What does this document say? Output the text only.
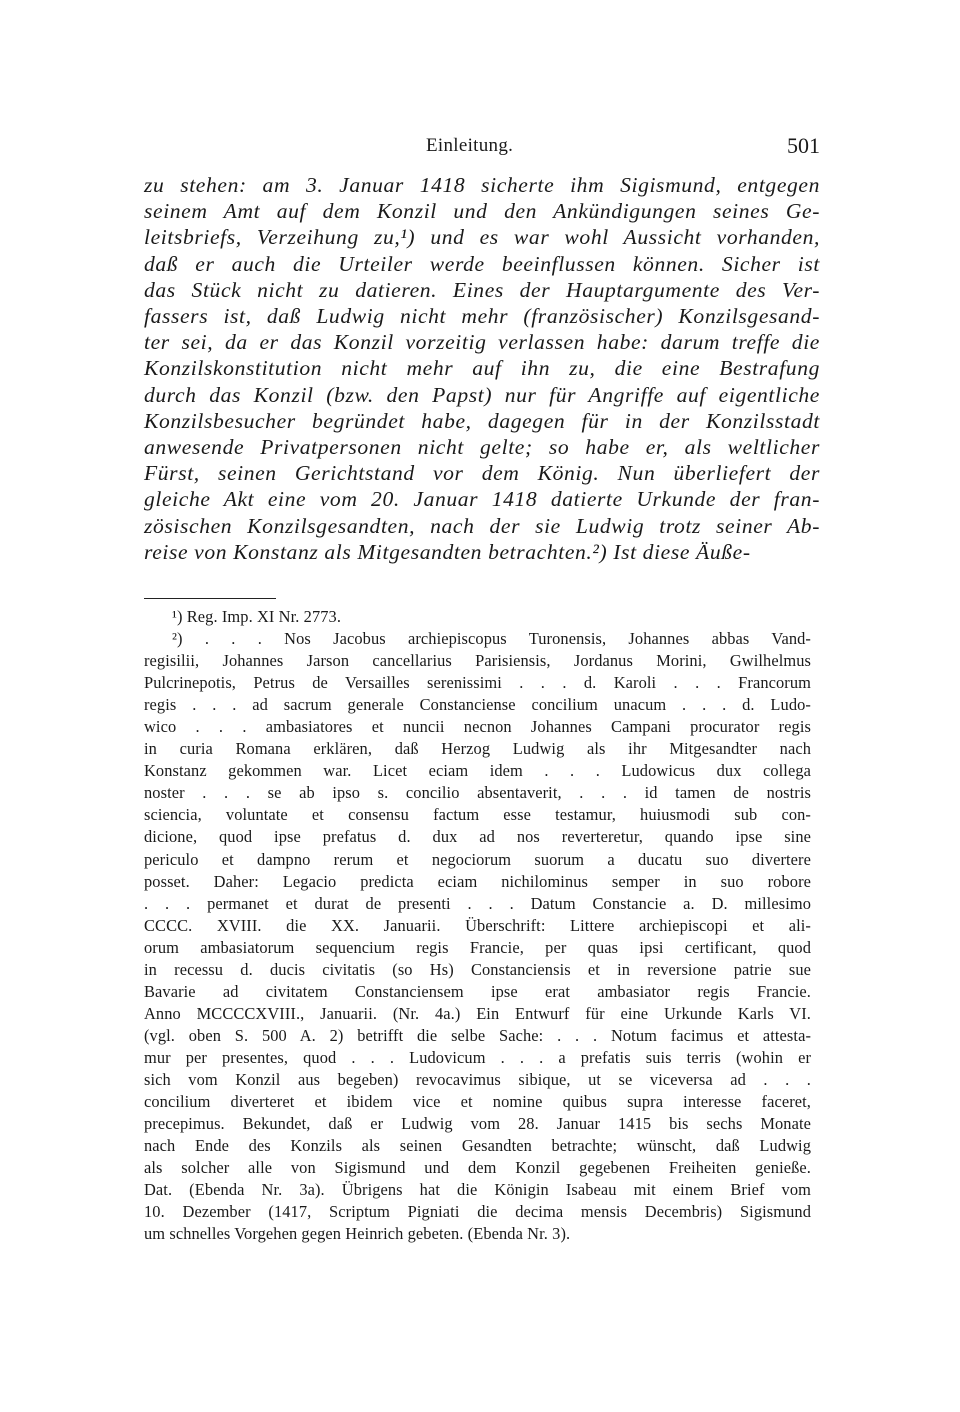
Einleitung.	501
zu stehen: am 3. Januar 1418 sicherte ihm Sigismund, entgegen
seinem Amt auf dem Konzil und den Ankündigungen seines Ge-
leitsbriefs, Verzeihung zu,¹) und es war wohl Aussicht vorhanden,
daß er auch die Urteiler werde beeinflussen können. Sicher ist
das Stück nicht zu datieren. Eines der Hauptargumente des Ver-
fassers ist, daß Ludwig nicht mehr (französischer) Konzilsgesand-
ter sei, da er das Konzil vorzeitig verlassen habe: darum treffe die
Konzilskonstitution nicht mehr auf ihn zu, die eine Bestrafung
durch das Konzil (bzw. den Papst) nur für Angriffe auf eigentliche
Konzilsbesucher begründet habe, dagegen für in der Konzilsstadt
anwesende Privatpersonen nicht gelte; so habe er, als weltlicher
Fürst, seinen Gerichtstand vor dem König. Nun überliefert der
gleiche Akt eine vom 20. Januar 1418 datierte Urkunde der fran-
zösischen Konzilsgesandten, nach der sie Ludwig trotz seiner Ab-
reise von Konstanz als Mitgesandten betrachten.²) Ist diese Äuße-
¹) Reg. Imp. XI Nr. 2773.
²) . . . Nos Jacobus archiepiscopus Turonensis, Johannes abbas Vand-
regisilii, Johannes Jarson cancellarius Parisiensis, Jordanus Morini, Gwilhelmus
Pulcrinepotis, Petrus de Versailles serenissimi . . . d. Karoli . . . Francorum
regis . . . ad sacrum generale Constanciense concilium unacum . . . d. Ludo-
wico . . . ambasiatores et nuncii necnon Johannes Campani procurator regis
in curia Romana erklären, daß Herzog Ludwig als ihr Mitgesandter nach
Konstanz gekommen war. Licet eciam idem . . . Ludowicus dux collega
noster . . . se ab ipso s. concilio absentaverit, . . . id tamen de nostris
sciencia, voluntate et consensu factum esse testamur, huiusmodi sub con-
dicione, quod ipse prefatus d. dux ad nos reverteretur, quando ipse sine
periculo et dampno rerum et negociorum suorum a ducatu suo divertere
posset. Daher: Legacio predicta eciam nichilominus semper in suo robore
. . . permanet et durat de presenti . . . Datum Constancie a. D. millesimo
CCCC. XVIII. die XX. Januarii. Überschrift: Littere archiepiscopi et ali-
orum ambasiatorum sequencium regis Francie, per quas ipsi certificant, quod
in recessu d. ducis civitatis (so Hs) Constanciensis et in reversione patrie sue
Bavarie ad civitatem Constanciensem ipse erat ambasiator regis Francie.
Anno MCCCCXVIII., Januarii. (Nr. 4a.) Ein Entwurf für eine Urkunde Karls VI.
(vgl. oben S. 500 A. 2) betrifft die selbe Sache: . . . Notum facimus et attesta-
mur per presentes, quod . . . Ludovicum . . . a prefatis suis terris (wohin er
sich vom Konzil aus begeben) revocavimus sibique, ut se viceversa ad . . .
concilium diverteret et ibidem vice et nomine quibus supra interesse faceret,
precepimus. Bekundet, daß er Ludwig vom 28. Januar 1415 bis sechs Monate
nach Ende des Konzils als seinen Gesandten betrachte; wünscht, daß Ludwig
als solcher alle von Sigismund und dem Konzil gegebenen Freiheiten genieße.
Dat. (Ebenda Nr. 3a). Übrigens hat die Königin Isabeau mit einem Brief vom
10. Dezember (1417, Scriptum Pigniati die decima mensis Decembris) Sigismund
um schnelles Vorgehen gegen Heinrich gebeten. (Ebenda Nr. 3).
